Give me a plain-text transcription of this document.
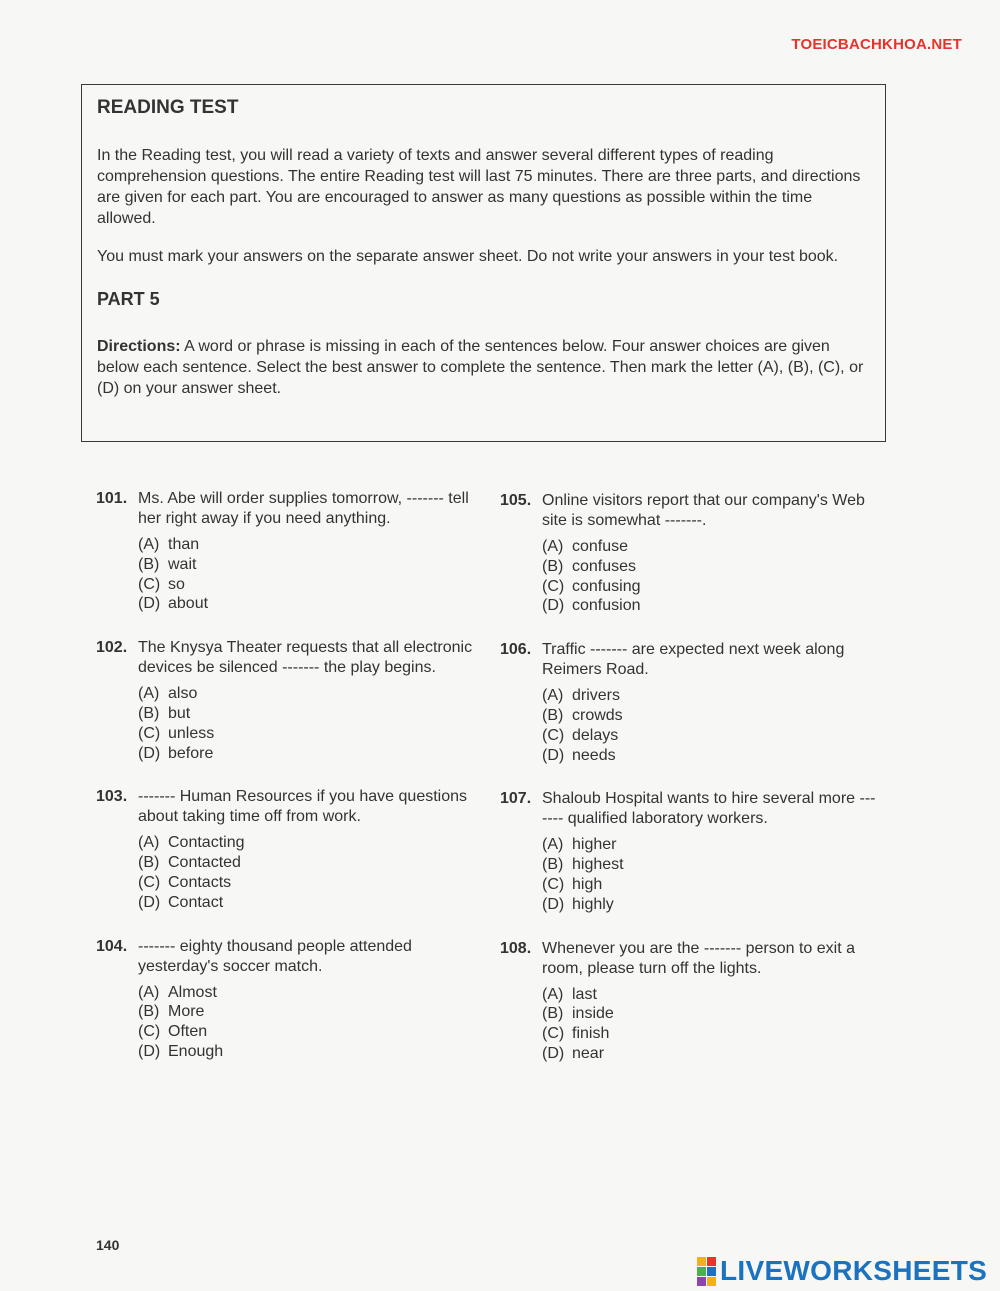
TOEICBACHKHOA.NET
READING TEST

In the Reading test, you will read a variety of texts and answer several different types of reading comprehension questions. The entire Reading test will last 75 minutes. There are three parts, and directions are given for each part. You are encouraged to answer as many questions as possible within the time allowed.

You must mark your answers on the separate answer sheet. Do not write your answers in your test book.

PART 5

Directions: A word or phrase is missing in each of the sentences below. Four answer choices are given below each sentence. Select the best answer to complete the sentence. Then mark the letter (A), (B), (C), or (D) on your answer sheet.

101. Ms. Abe will order supplies tomorrow, ------- tell her right away if you need anything.
(A) than
(B) wait
(C) so
(D) about
102. The Knysya Theater requests that all electronic devices be silenced ------- the play begins.
(A) also
(B) but
(C) unless
(D) before
103. ------- Human Resources if you have questions about taking time off from work.
(A) Contacting
(B) Contacted
(C) Contacts
(D) Contact
104. ------- eighty thousand people attended yesterday's soccer match.
(A) Almost
(B) More
(C) Often
(D) Enough
105. Online visitors report that our company's Web site is somewhat -------.
(A) confuse
(B) confuses
(C) confusing
(D) confusion
106. Traffic ------- are expected next week along Reimers Road.
(A) drivers
(B) crowds
(C) delays
(D) needs
107. Shaloub Hospital wants to hire several more ------- qualified laboratory workers.
(A) higher
(B) highest
(C) high
(D) highly
108. Whenever you are the ------- person to exit a room, please turn off the lights.
(A) last
(B) inside
(C) finish
(D) near
140
LIVEWORKSHEETS
